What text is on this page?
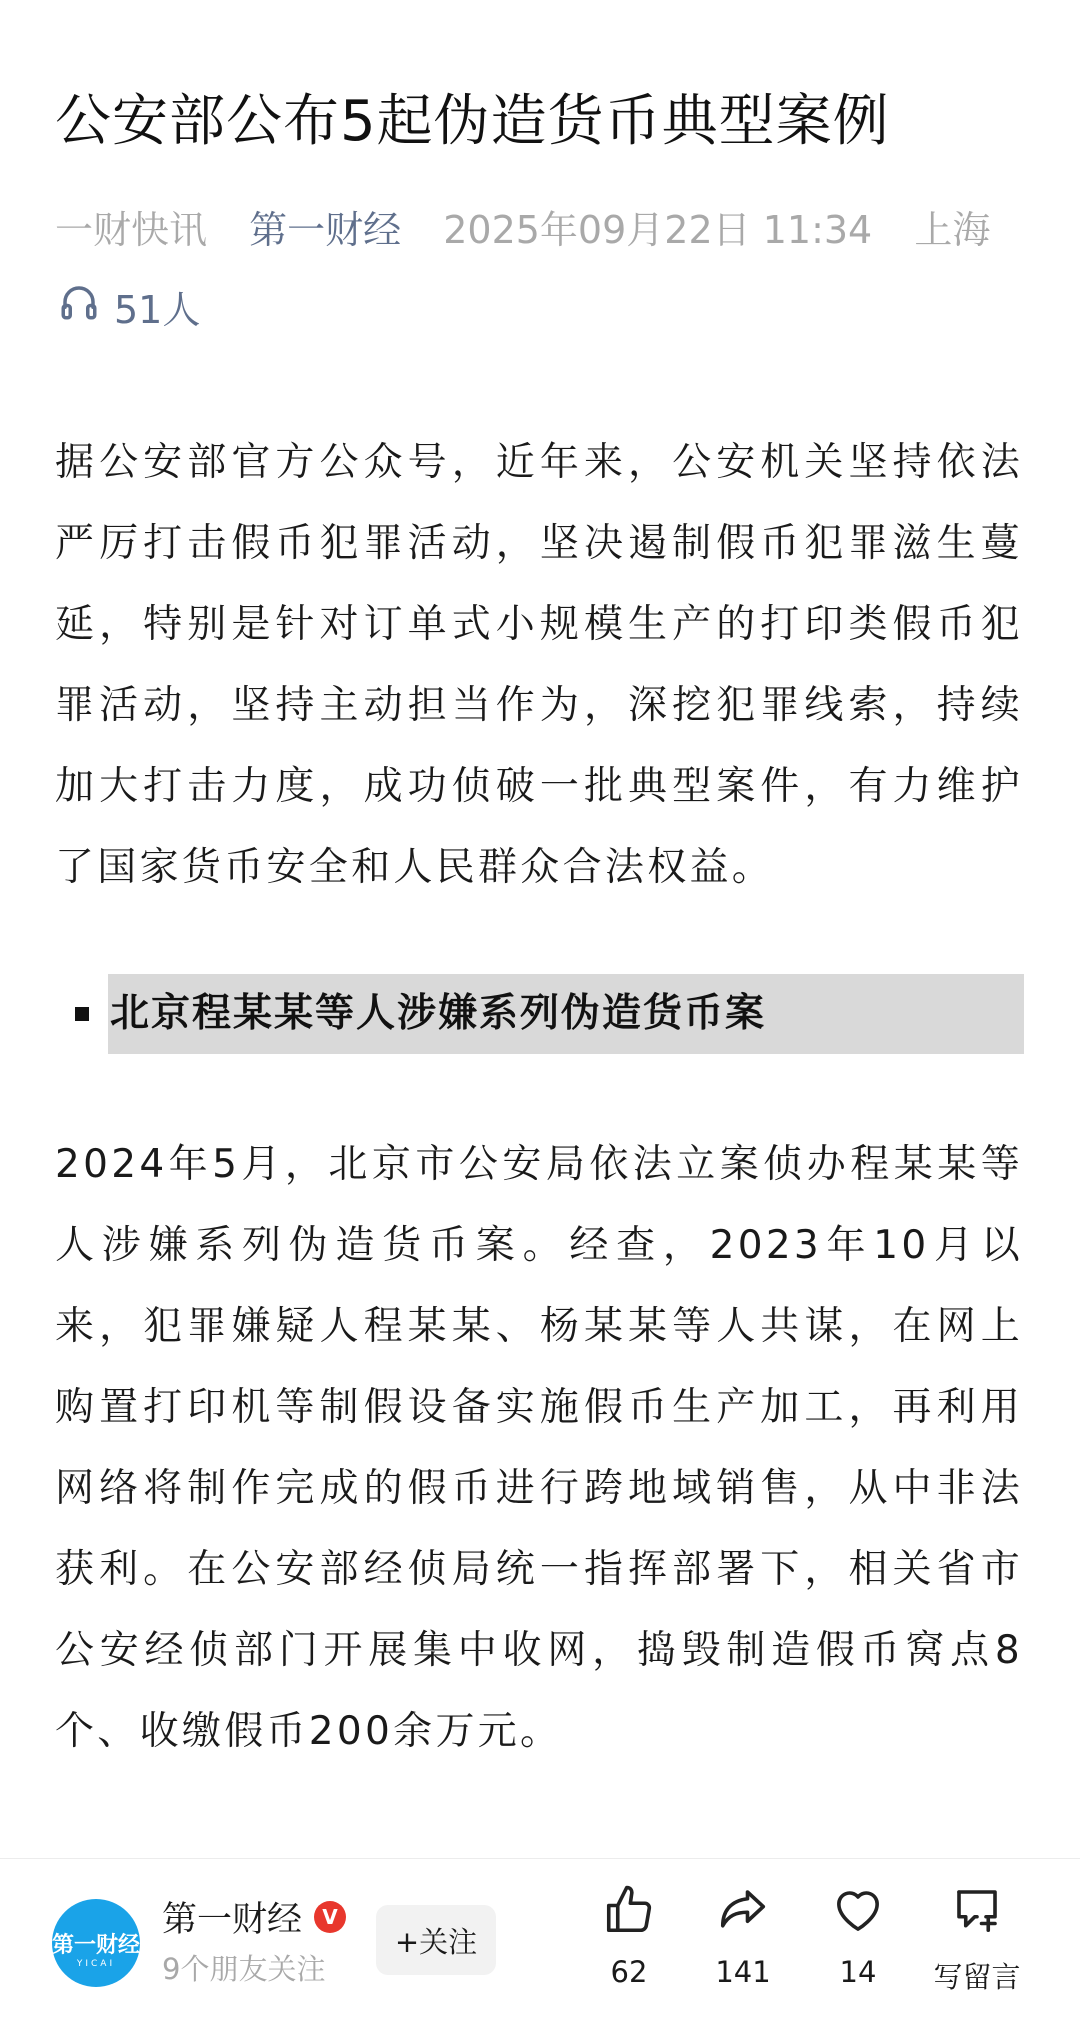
公安部公布5起伪造货币典型案例
一财快讯 第一财经 2025年09月22日 11:34 上海
51人
据公安部官方公众号，近年来，公安机关坚持依法严厉打击假币犯罪活动，坚决遏制假币犯罪滋生蔓延，特别是针对订单式小规模生产的打印类假币犯罪活动，坚持主动担当作为，深挖犯罪线索，持续加大打击力度，成功侦破一批典型案件，有力维护了国家货币安全和人民群众合法权益。
北京程某某等人涉嫌系列伪造货币案
2024年5月，北京市公安局依法立案侦办程某某等人涉嫌系列伪造货币案。经查，2023年10月以来，犯罪嫌疑人程某某、杨某某等人共谋，在网上购置打印机等制假设备实施假币生产加工，再利用网络将制作完成的假币进行跨地域销售，从中非法获利。在公安部经侦局统一指挥部署下，相关省市公安经侦部门开展集中收网，捣毁制造假币窝点8个、收缴假币200余万元。
第一财经
YICAI
第一财经	V
9个朋友关注
+关注
62	141	14	写留言
